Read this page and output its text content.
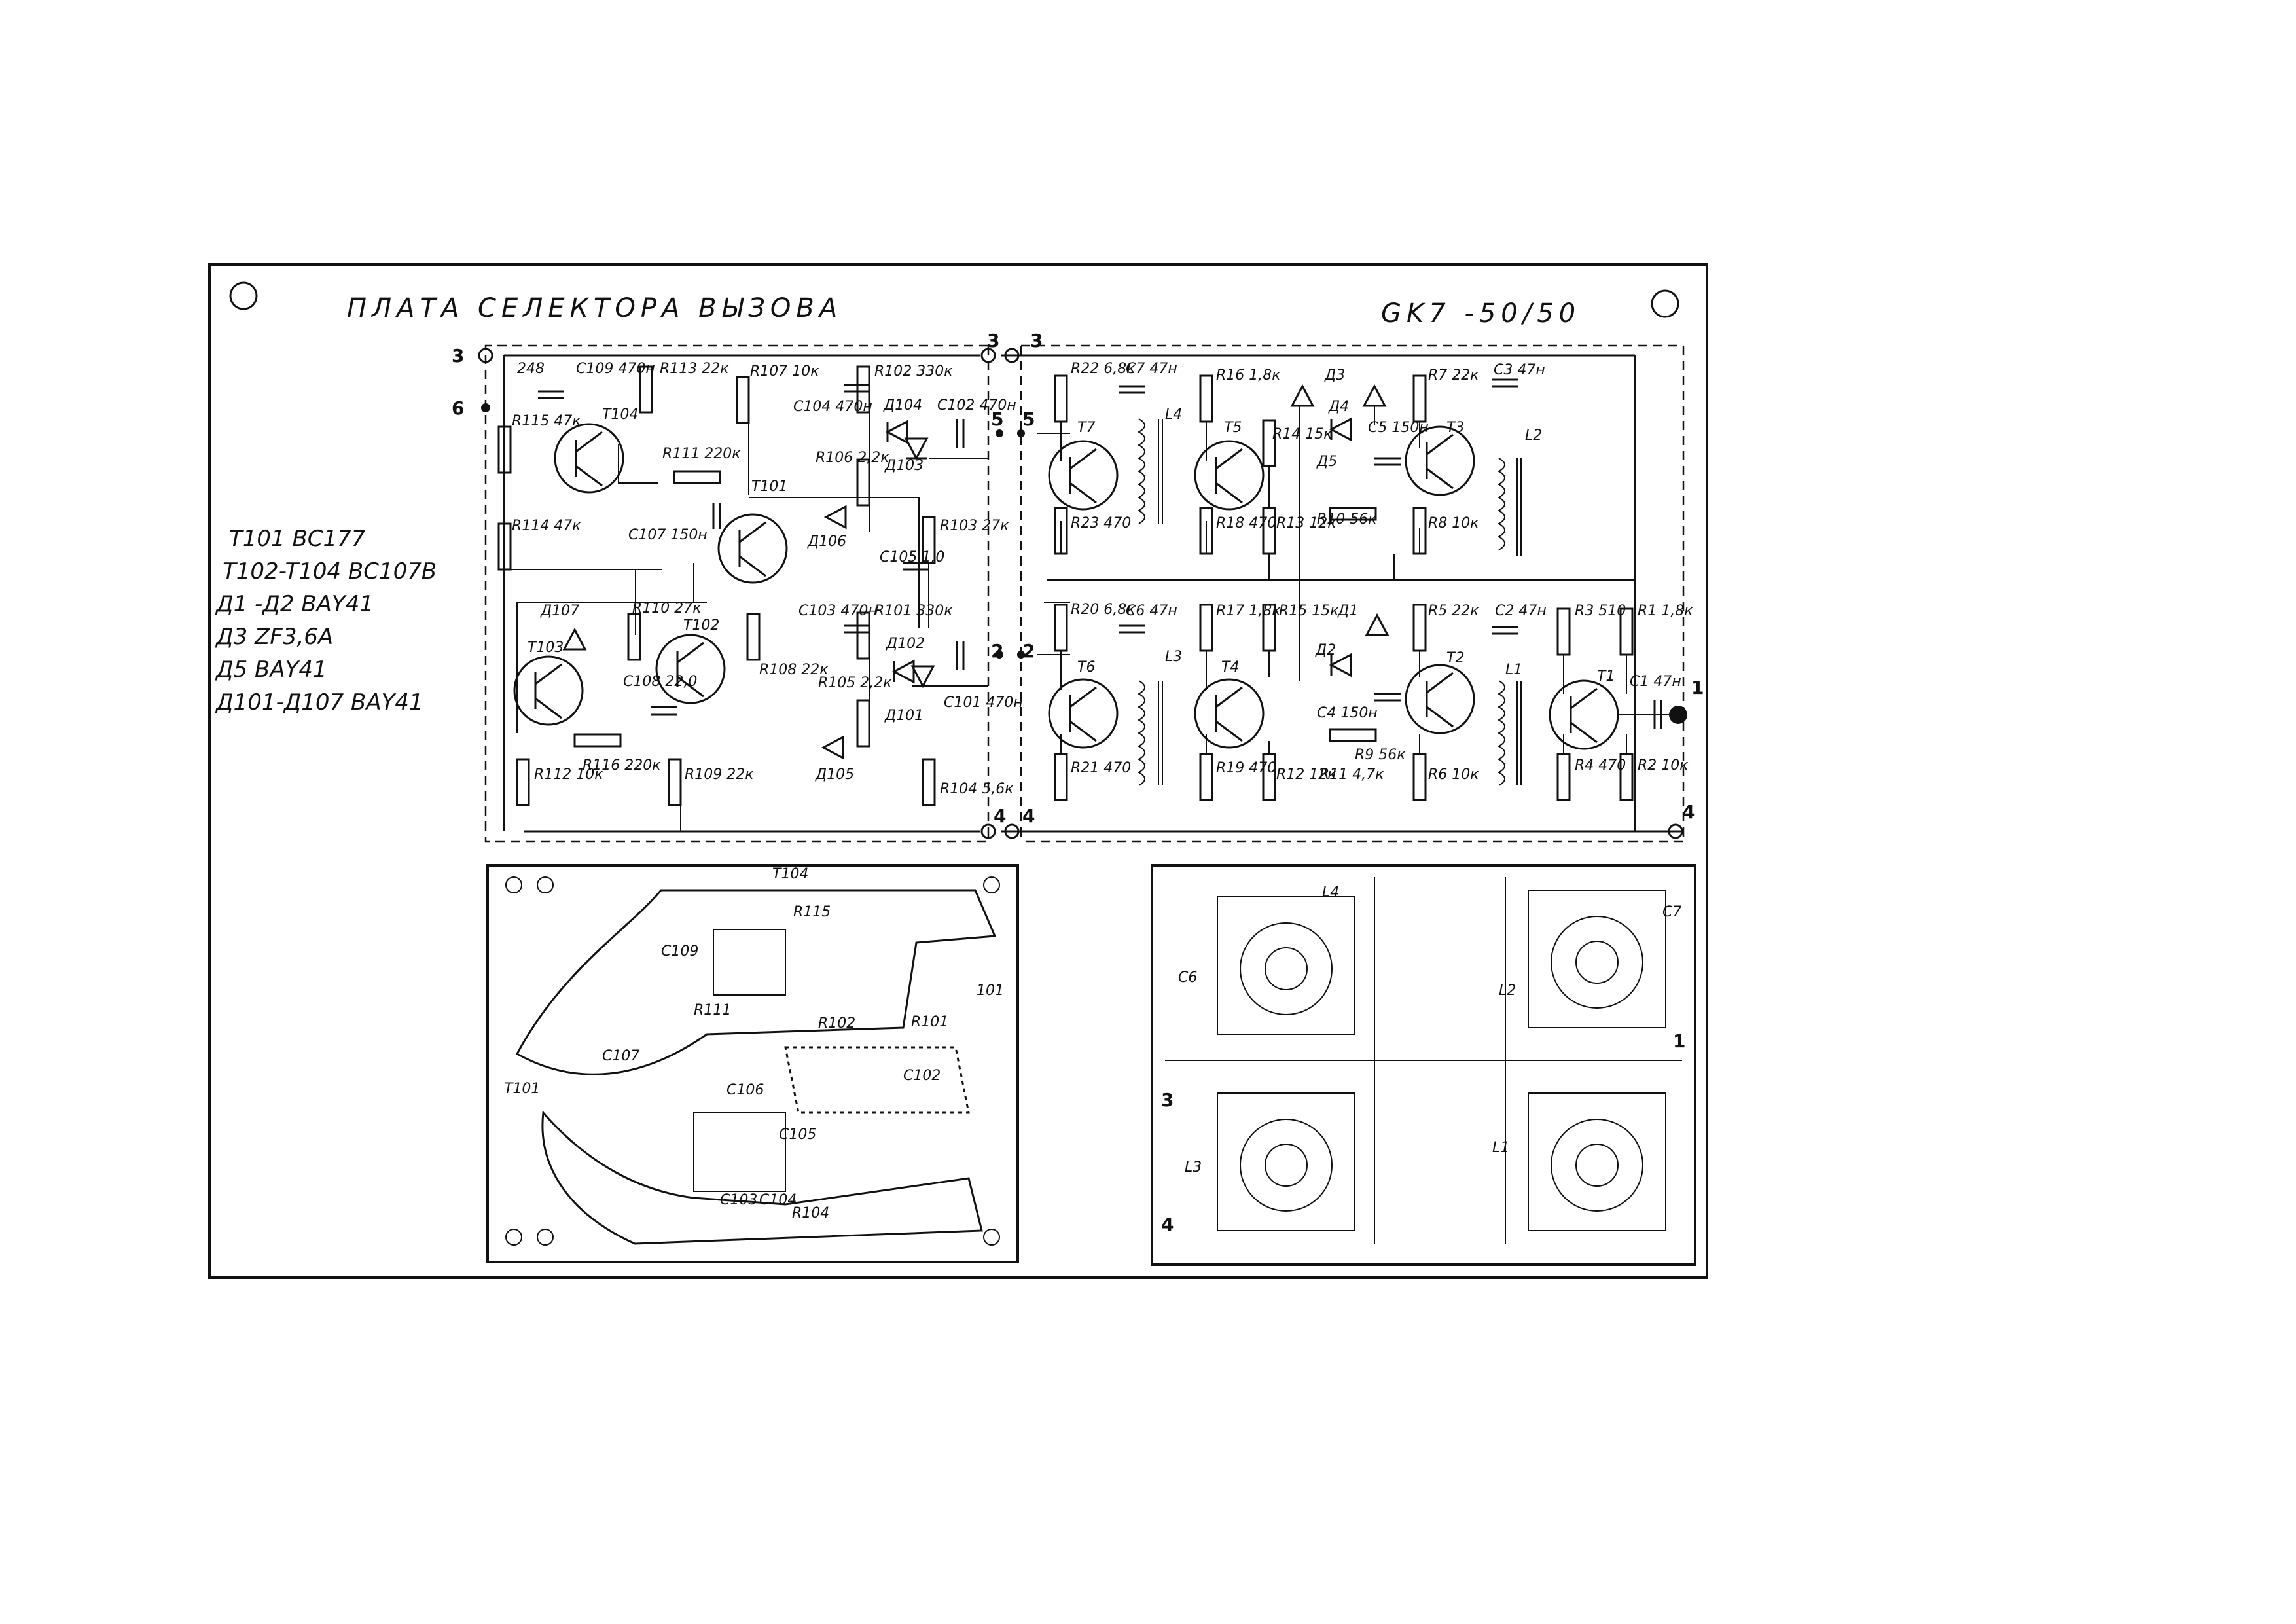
ПЛАТА СЕЛЕКТОРА ВЫЗОВА	GK7 -50/50
T101 BC177
T102-T104 BC107B
Д1 -Д2 BAY41
Д3 ZF3,6A
Д5 BAY41
Д101-Д107 BAY41
3
6
3 3
5 5
2 2
4 4
1
4
248
R115 47к
R114 47к
C109 470н
T104
R113 22к
R111 220к
R107 10к
C107 150н
T101
C104 470н
R102 330к
Д104 C102 470н
Д103
R106 2,2к
Д106
C105 1,0
R103 27к
Д107
T103
R110 27к
C108 22,0
T102
R108 22к
C103 470н
R101 330к
Д102
R105 2,2к
Д101
Д105
C101 470н
R104 5,6к
R112 10к
R116 220к
R109 22к
R22 6,8к
C7 47н
T7
L4
R23 470
R16 1,8к
T5
R18 470
R14 15к
R13 12к
Д3
Д4
Д5
C5 150н
R10 56к
R7 22к C3 47н
T3
R8 10к
L2
R20 6,8к
C6 47н
T6
L3
R21 470
R17 1,8к
T4
R19 470
R15 15к
R12 12к
Д1
Д2
C4 150н
R11 4,7к
R9 56к
R5 22к C2 47н
T2
R6 10к
L1
R3 510 R1 1,8к
T1 C1 47н
R4 470 R2 10к
T104
R115
T101
C109
R111
C107
C106
C103 C104
C105
C102
R102	R101
R104
101
C6
C7
L4
L3
L1
L2
3
4
1
